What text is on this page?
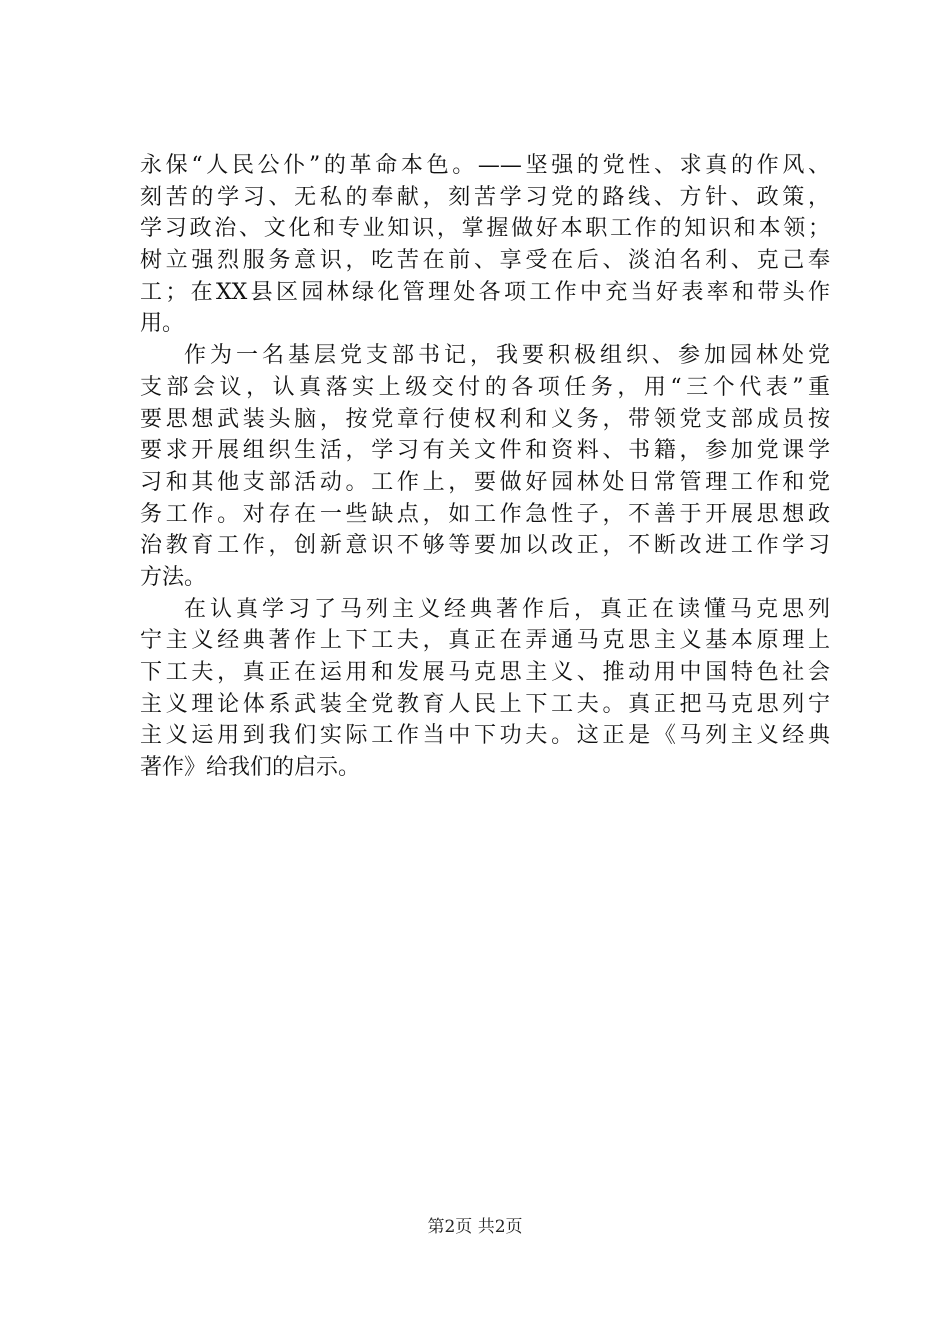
永保“人民公仆”的革命本色。——坚强的党性、求真的作风、
刻苦的学习、无私的奉献，刻苦学习党的路线、方针、政策，
学习政治、文化和专业知识，掌握做好本职工作的知识和本领；
树立强烈服务意识，吃苦在前、享受在后、淡泊名利、克己奉
工；在XX县区园林绿化管理处各项工作中充当好表率和带头作
用。
作为一名基层党支部书记，我要积极组织、参加园林处党
支部会议，认真落实上级交付的各项任务，用“三个代表”重
要思想武装头脑，按党章行使权利和义务，带领党支部成员按
要求开展组织生活，学习有关文件和资料、书籍，参加党课学
习和其他支部活动。工作上，要做好园林处日常管理工作和党
务工作。对存在一些缺点，如工作急性子，不善于开展思想政
治教育工作，创新意识不够等要加以改正，不断改进工作学习
方法。
在认真学习了马列主义经典著作后，真正在读懂马克思列
宁主义经典著作上下工夫，真正在弄通马克思主义基本原理上
下工夫，真正在运用和发展马克思主义、推动用中国特色社会
主义理论体系武装全党教育人民上下工夫。真正把马克思列宁
主义运用到我们实际工作当中下功夫。这正是《马列主义经典
著作》给我们的启示。
第2页 共2页
